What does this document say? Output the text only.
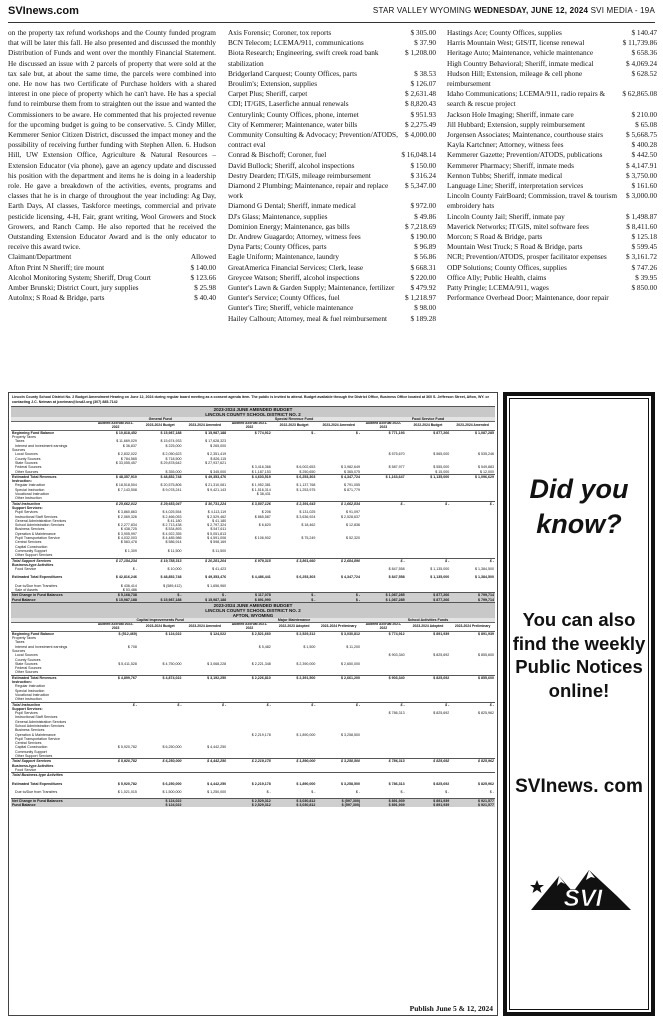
SVInews.com	STAR VALLEY WYOMING WEDNESDAY, JUNE 12, 2024 SVI MEDIA - 19A

on the property tax refund workshops and the County funded program that will be later this fall. He also presented and discussed the monthly Distribution of Funds and went over the monthly Financial Statement. He discussed an issue with 2 parcels of property that were sold at the tax sale but, at about the same time, the parcels were combined into one. He now has two Certificate of Purchase holders with a shared interest in one piece of property which he can't have. He has a special fund to reimburse them from to straighten out the issue and wanted the Commissioners to be aware. He commented that his projected revenue for the upcoming budget is going to be conservative. 5. Cindy Miller, Kemmerer Senior Citizen District, discussed the impact money and the possibility of receiving further funding with Stephen Allen. 6. Hudson Hill, UW Extension Office, Agriculture & Natural Resources – Extension Educator (via phone), gave an agency update and discussed his position with the department and items he is doing in a leadership role. He gave a breakdown of the activities, events, programs and classes that he is in charge of throughout the year including: Ag Day, Earth Days, AI classes, Taskforce meetings, commercial and private pesticide licensing, 4-H, Fair, grant writing, Wool Growers and Stock Growers, and Ranch Camp. He also reported that he received the Outstanding Extension Educator Award and is the only educator to receive this award twice.

Claimant/Department	Allowed
Afton Print N Sheriff; tire mount	$ 140.00
Alcohol Monitoring System; Sheriff, Drug Court	$ 123.66
Amber Brunski; District Court, jury supplies	$ 25.98
AutoInx; S Road & Bridge, parts	$ 40.40
Axis Forensic; Coroner, tox reports	$ 305.00
BCN Telecom; LCEMA/911, communications	$ 37.90
Biota Research; Engineering, swift creek road bank stabilization
$ 1,208.00
Bridgerland Carquest; County Offices, parts	$ 38.53
Broulim's; Extension, supplies	$ 126.07
Carpet Plus; Sheriff, carpet	$ 2,631.48
CDI; IT/GIS, Laserfiche annual renewals	$ 8,820.43
Centurylink; County Offices, phone, internet	$ 951.93
City of Kemmerer; Maintenance, water bills	$ 2,275.49
Community Consulting & Advocacy; Prevention/ATODS, contract eval
$ 4,000.00
Conrad & Bischoff; Coroner, fuel	$ 16,048.14
David Bullock; Sheriff, alcohol inspections	$ 150.00
Destry Dearden; IT/GIS, mileage reimbursement	$ 316.24
Diamond 2 Plumbing; Maintenance, repair and replace work
$ 5,347.00
Diamond G Dental; Sheriff, inmate medical	$ 972.00
DJ's Glass; Maintenance, supplies	$ 49.86
Dominion Energy; Maintenance, gas bills	$ 7,218.69
Dr. Andrew Guagardo; Attorney, witness fees	$ 190.00
Dyna Parts; County Offices, parts	$ 96.89
Eagle Uniform; Maintenance, laundry	$ 56.86
GreatAmerica Financial Services; Clerk, lease	$ 668.31
Greycee Watson; Sheriff, alcohol inspections	$ 220.00
Gunter's Lawn & Garden Supply; Maintenance, fertilizer	$ 479.92
Gunter's Service; County Offices, fuel	$ 1,218.97
Gunter's Tire; Sheriff, vehicle maintenance	$ 98.00
Hailey Calhoun; Attorney, meal & fuel reimbursement	$ 189.28
Hastings Ace; County Offices, supplies	$ 140.47
Harris Mountain West; GIS/IT, license renewal	$ 11,739.86
Heritage Auto; Maintenance, vehicle maintenance	$ 658.36
High Country Behavioral; Sheriff, inmate medical	$ 4,069.24
Hudson Hill; Extension, mileage & cell phone reimbursement
$ 628.52
Idaho Communications; LCEMA/911, radio repairs & search & rescue project
$ 62,865.08
Jackson Hole Imaging; Sheriff, inmate care	$ 210.00
Jill Hubbard; Extension, supply reimbursement	$ 65.08
Jorgensen Associates; Maintenance, courthouse stairs	$ 5,668.75
Kayla Kartchner; Attorney, witness fees	$ 400.28
Kemmerer Gazette; Prevention/ATODS, publications	$ 442.50
Kemmerer Pharmacy; Sheriff, inmate meds	$ 4,147.91
Kennon Tubbs; Sheriff, inmate medical	$ 3,750.00
Language Line; Sheriff, interpretation services	$ 161.60
Lincoln County FairBoard; Commission, travel & tourism embroidery hats
$ 3,000.00
Lincoln County Jail; Sheriff, inmate pay	$ 1,498.87
Maverick Networks; IT/GIS, mitel software fees	$ 8,411.60
Morcon; S Road & Bridge, parts	$ 125.18
Mountain West Truck; S Road & Bridge, parts	$ 599.45
NCR; Prevention/ATODS, prosper facilitator expenses	$ 3,161.72
ODP Solutions; County Offices, supplies	$ 747.26
Office Ally; Public Health, claims	$ 39.95
Patty Pringle; LCEMA/911, wages	$ 850.00
Performance Overhead Door; Maintenance, door repair
Lincoln County School District No. 2 Budget Amendment Hearing on June 12, 2024 during regular board meeting as a consent agenda item. The public is invited to attend. Budget available through the District Office, Business Office located at 360 S. Jefferson Street, Afton, WY. or contacting J.C. Neiman at jcneiman@lcsd2.org (307) 885-7142
2023-2024 JUNE AMENDED BUDGET
LINCOLN COUNTY SCHOOL DISTRICT NO. 2
	General Fund			Special Revenue Fund			Food Service Fund		
	Audited Accrual 2021-2022	2023-2024 Budget	2023-2024 Amended	Audited Accrual 2021-2022	2022-2023 Budget	2023-2024 Amended	Audited Accrual 2022-2023	2022-2024 Budget	2023-2024 Amended
Beginning Fund Balance	$ 10,818,452	$ 15,987,188	$ 15,987,188	$ 774,912	$ -	$ -	$ 771,193	$ 877,266	$ 1,087,285
Property Taxes									
Taxes	$ 11,669,029	$ 15,674,933	$ 17,628,323						
Interest and Investment earnings	$ 36,837	$ 225,000	$ 265,000						
Sources									
Local Sources	$ 2,832,022	$ 2,050,623	$ 2,351,419				$ 575,670	$ 565,000	$ 535,246
County Sources	$ 784,565	$ 718,500	$ 826,115						
State Sources	$ 33,055,457	$ 29,878,642	$ 27,937,621						
Federal Sources				$ 3,416,366	$ 6,002,653	$ 3,982,649	$ 587,977	$ 555,000	$ 549,883
Other Sources		$ 355,000	$ 345,000	$ 1,187,153	$ 250,650	$ 365,075		$ 15,000	$ 12,000
Estimated Total Revenues	$ 48,357,910	$ 48,852,748	$ 49,353,476	$ 4,603,519	$ 6,253,303	$ 4,347,724	$ 1,163,647	$ 1,135,000	$ 1,096,629
Instruction:									
Regular Instruction	$ 18,518,504	$ 20,575,806	$ 21,310,081	$ 1,952,381	$ 1,137,768	$ 791,055			
Special Instruction	$ 7,143,508	$ 9,078,241	$ 9,421,143	$ 1,516,314	$ 1,253,975	$ 871,779			
Vocational Instruction				$ 38,431					
Other Instruction									
Total Instruction	$ 25,662,012	$ 29,653,047	$ 30,731,224	$ 3,507,126	$ 2,391,643	$ 1,662,834	$ -	$ -	$ -
Support Services:									
Pupil Services	$ 3,860,863	$ 4,025,554	$ 4,113,119	$ 206	$ 131,025	$ 91,097			
Instructional Staff Services	$ 2,069,326	$ 2,466,053	$ 2,529,462	$ 865,587	$ 3,636,924	$ 2,528,637			
General Administration Services		$ 41,180	$ 41,180						
School Administration Services	$ 2,277,834	$ 2,713,438	$ 2,797,324	$ 6,620	$ 18,462	$ 12,836			
Business Services	$ 438,725	$ 534,893	$ 547,611						
Operation & Maintenance	$ 3,905,997	$ 4,922,355	$ 5,051,813						
Pupil Transportation Service	$ 4,032,003	$ 4,485,986	$ 4,591,006	$ 106,902	$ 75,249	$ 52,320			
Central Services	$ 583,478	$ 586,914	$ 598,169						
Capital Construction									
Community Support	$ 1,309	$ 11,500	$ 11,500						
Other Support Services									
Total Support Services	$ 17,154,234	$ 19,788,313	$ 20,281,204	$ 979,315	$ 3,861,660	$ 2,684,890	$ -	$ -	$ -
Business-type Activities									
Food Service	$ -	$ 10,000	$ 41,423				$ 847,558	$ 1,135,000	$ 1,384,500

Estimated Total Expenditures	$ 42,816,246	$ 48,852,748	$ 49,353,476	$ 4,486,441	$ 6,253,303	$ 4,347,724	$ 847,558	$ 1,135,000	$ 1,384,500

Due to/Due from Transfers	$ 436,414	$ (589,412)	$ 1,656,960						
Sale of Assets	$ 53,486								
Net Change in Fund Balances	$ 5,168,738	$ -	$ -	$ 117,078	$ -	$ -	$ 1,087,285	$ 877,266	$ 799,714
Fund Balance	$ 15,987,188	$ 15,987,188	$ 15,987,188	$ 891,990	$ -	$ -	$ 1,087,285	$ 877,266	$ 799,714
2023-2024 JUNE AMENDED BUDGET
LINCOLN COUNTY SCHOOL DISTRICT NO. 2
AFTON, WYOMING
	Capital Improvements Fund			Major Maintenance			School Activities Funds		
	Audited Accrual 2022-2023	2023-2024 Budget	2023-2024 Amended	Audited Accrual 2021-2022	2022-2023 Adopted	2023-2024 Preliminary	Audited Accrual 2021-2022	2023-2024 Adopted	2023-2024 Preliminary
Beginning Fund Balance	$ (512,469)	$ 124,022	$ 124,022	$ 2,521,660	$ 2,529,312	$ 3,030,812	$ 774,912	$ 891,939	$ 891,939
Property Taxes									
Taxes									
Interest and Investment earnings	$ 708			$ 5,482	$ 1,500	$ 11,200			
Sources									
Local Sources							$ 903,340	$ 825,692	$ 855,600
County Sources									
State Sources	$ 5,411,528	$ 4,750,000	$ 3,068,228	$ 2,221,348	$ 2,390,000	$ 2,650,000			
Federal Sources									
Other Sources									
Estimated Total Revenues	$ 4,899,767	$ 4,874,022	$ 3,192,250	$ 2,226,810	$ 2,391,500	$ 2,661,200	$ 903,340	$ 825,692	$ 855,600
Instruction:									
Regular Instruction									
Special Instruction									
Vocational Instruction									
Other Instruction									
Total Instruction	$ -	$ -	$ -	$ -	$ -	$ -	$ -	$ -	$ -
Support Services:									
Pupil Services							$ 786,313	$ 825,692	$ 825,962
Instructional Staff Services									
General Administration Services									
School Administration Services									
Business Services									
Operation & Maintenance				$ 2,219,178	$ 1,890,000	$ 3,258,500			
Pupil Transportation Service									
Central Services									
Capital Construction	$ 5,920,782	$ 6,250,000	$ 4,442,250						
Community Support									
Other Support Services									
Total Support Services	$ 5,920,782	$ 6,250,000	$ 4,442,250	$ 2,219,178	$ 1,890,000	$ 3,258,500	$ 786,313	$ 825,692	$ 825,962
Business-type Activities									
Food Service									
Total Business-type Activities									

Estimated Total Expenditures	$ 5,920,782	$ 6,250,000	$ 4,442,250	$ 2,219,178	$ 1,890,000	$ 3,258,500	$ 786,313	$ 825,692	$ 825,962

Due to/Due from Transfers	$ 1,021,015	$ 1,500,000	$ 1,250,000	$ -	$ -	$ -	$ -	$ -	$ -

Net Change in Fund Balances		$ 124,022		$ 2,529,312	$ 3,030,812	$ (597,300)	$ 891,939	$ 891,939	$ 921,577
Fund Balance		$ 124,022		$ 2,529,312	$ 3,030,812	$ (597,300)	$ 891,939	$ 891,939	$ 921,577
Publish June 5 & 12, 2024
Did you know?
You can also find the weekly Public Notices online!
SVInews. com
SVI
